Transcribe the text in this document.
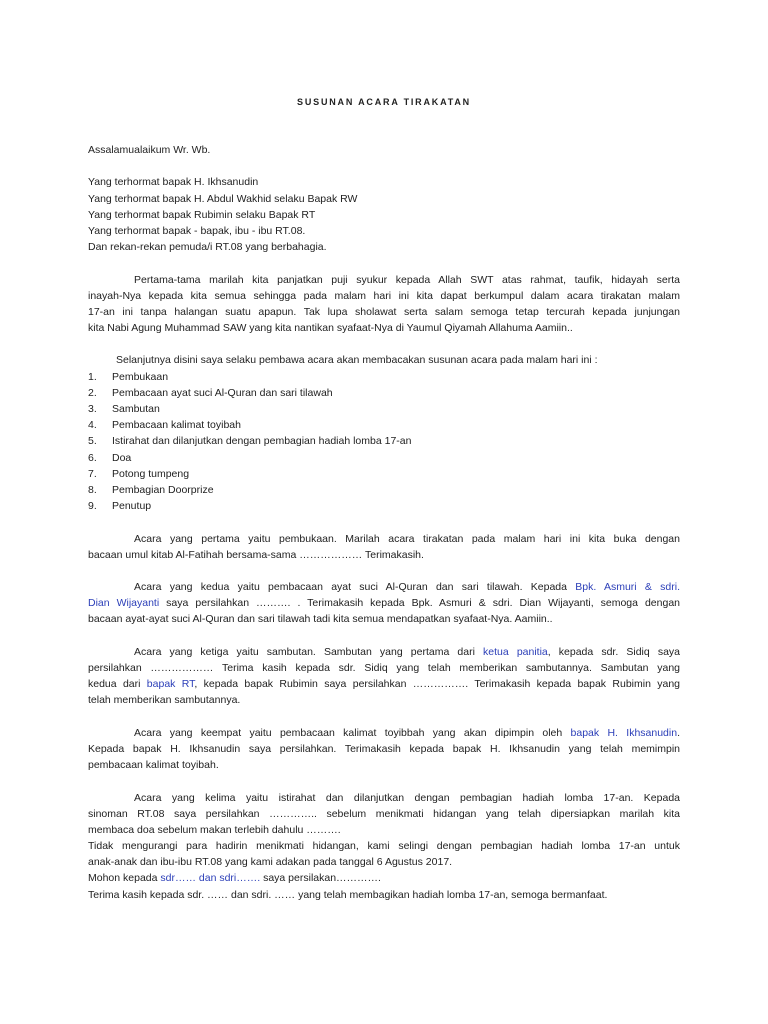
SUSUNAN ACARA TIRAKATAN
Assalamualaikum Wr. Wb.
Yang terhormat bapak H. Ikhsanudin
Yang terhormat bapak H. Abdul Wakhid selaku Bapak RW
Yang terhormat bapak Rubimin selaku Bapak RT
Yang terhormat bapak - bapak, ibu - ibu RT.08.
Dan rekan-rekan pemuda/i RT.08 yang berbahagia.
Pertama-tama marilah kita panjatkan puji syukur kepada Allah SWT atas rahmat, taufik, hidayah serta
inayah-Nya kepada kita semua sehingga pada malam hari ini kita dapat berkumpul dalam acara tirakatan malam
17-an ini tanpa halangan suatu apapun. Tak lupa sholawat serta salam semoga tetap tercurah kepada junjungan
kita Nabi Agung Muhammad SAW yang kita nantikan syafaat-Nya di Yaumul Qiyamah Allahuma Aamiin..
Selanjutnya disini saya selaku pembawa acara akan membacakan susunan acara pada malam hari ini :
1.	Pembukaan
2.	Pembacaan ayat suci Al-Quran dan sari tilawah
3.	Sambutan
4.	Pembacaan kalimat toyibah
5.	Istirahat dan dilanjutkan dengan pembagian hadiah lomba 17-an
6.	Doa
7.	Potong tumpeng
8.	Pembagian Doorprize
9.	Penutup
Acara yang pertama yaitu pembukaan. Marilah acara tirakatan pada malam hari ini kita buka dengan
bacaan umul kitab Al-Fatihah bersama-sama ……………… Terimakasih.
Acara yang kedua yaitu pembacaan ayat suci Al-Quran dan sari tilawah. Kepada Bpk. Asmuri & sdri.
Dian Wijayanti saya persilahkan ………. . Terimakasih kepada Bpk. Asmuri & sdri. Dian Wijayanti, semoga dengan
bacaan ayat-ayat suci Al-Quran dan sari tilawah tadi kita semua mendapatkan syafaat-Nya. Aamiin..
Acara yang ketiga yaitu sambutan. Sambutan yang pertama dari ketua panitia, kepada sdr. Sidiq saya
persilahkan ……………… Terima kasih kepada sdr. Sidiq yang telah memberikan sambutannya. Sambutan yang
kedua dari bapak RT, kepada bapak Rubimin saya persilahkan ……………. Terimakasih kepada bapak Rubimin yang
telah memberikan sambutannya.
Acara yang keempat yaitu pembacaan kalimat toyibbah yang akan dipimpin oleh bapak H. Ikhsanudin.
Kepada bapak H. Ikhsanudin saya persilahkan. Terimakasih kepada bapak H. Ikhsanudin yang telah memimpin
pembacaan kalimat toyibah.
Acara yang kelima yaitu istirahat dan dilanjutkan dengan pembagian hadiah lomba 17-an. Kepada
sinoman RT.08 saya persilahkan ………….. sebelum menikmati hidangan yang telah dipersiapkan marilah kita
membaca doa sebelum makan terlebih dahulu ……….
Tidak mengurangi para hadirin menikmati hidangan, kami selingi dengan pembagian hadiah lomba 17-an untuk
anak-anak dan ibu-ibu RT.08 yang kami adakan pada tanggal 6 Agustus 2017.
Mohon kepada sdr…… dan sdri……. saya persilakan………….
Terima kasih kepada sdr. …… dan sdri. …… yang telah membagikan hadiah lomba 17-an, semoga bermanfaat.
